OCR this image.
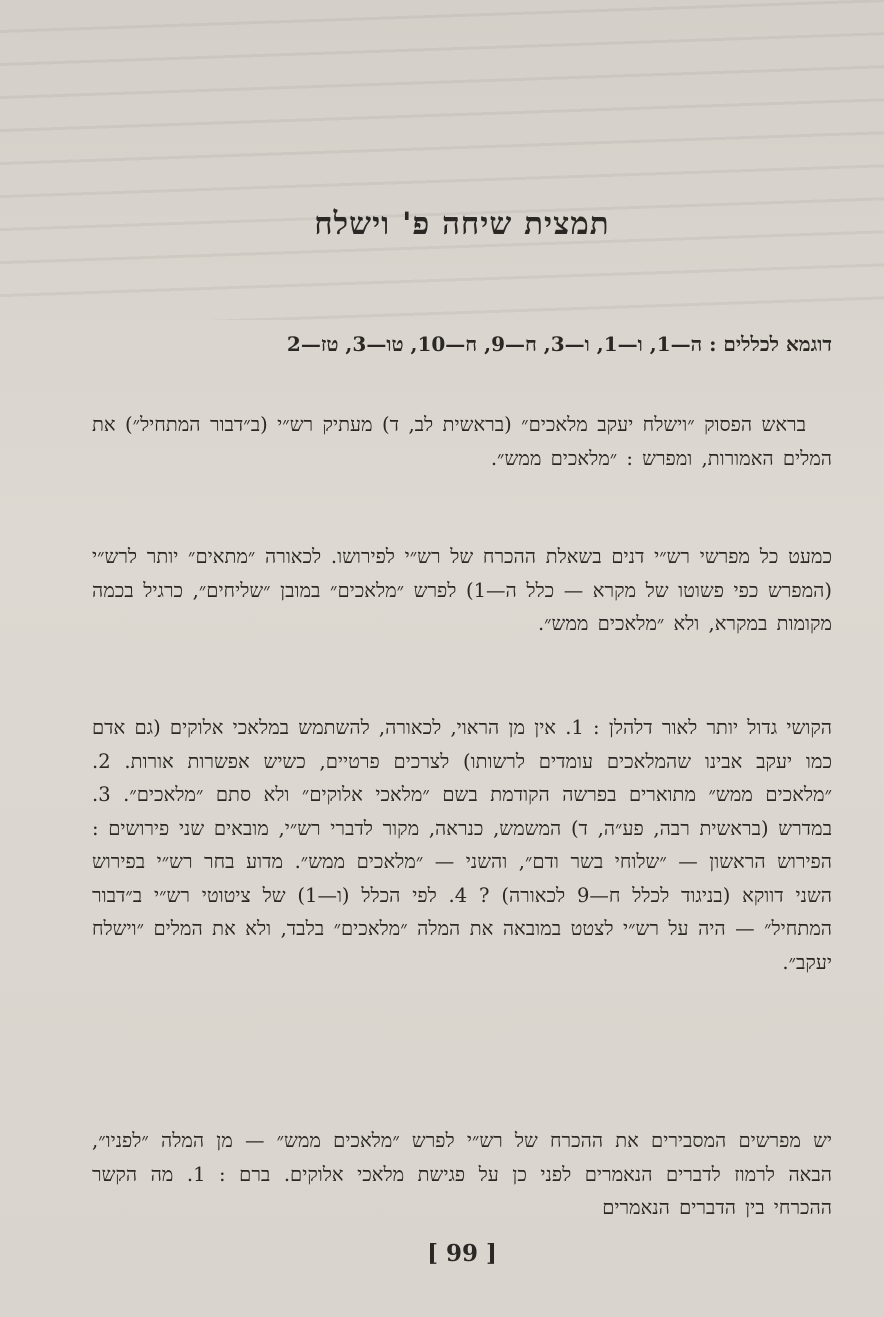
תמצית שיחה פ' וישלח

דוגמא לכללים : ה—1, ו—1, ו—3, ח—9, ח—10, טו—3, טז—2

בראש הפסוק ״וישלח יעקב מלאכים״ (בראשית לב, ד) מעתיק רש״י (ב״דבור המתחיל״) את המלים האמורות, ומפרש : ״מלאכים ממש״.

כמעט כל מפרשי רש״י דנים בשאלת ההכרח של רש״י לפירושו. לכאורה ״מתאים״ יותר לרש״י (המפרש כפי פשוטו של מקרא — כלל ה—1) לפרש ״מלאכים״ במובן ״שליחים״, כרגיל בכמה מקומות במקרא, ולא ״מלאכים ממש״.

הקושי גדול יותר לאור דלהלן : 1. אין מן הראוי, לכאורה, להשתמש במלאכי אלוקים (גם אדם כמו יעקב אבינו שהמלאכים עומדים לרשותו) לצרכים פרטיים, כשיש אפשרות אורות. 2. ״מלאכים ממש״ מתוארים בפרשה הקודמת בשם ״מלאכי אלוקים״ ולא סתם ״מלאכים״. 3. במדרש (בראשית רבה, פע״ה, ד) המשמש, כנראה, מקור לדברי רש״י, מובאים שני פירושים : הפירוש הראשון — ״שלוחי בשר ודם״, והשני — ״מלאכים ממש״. מדוע בחר רש״י בפירוש השני דווקא (בניגוד לכלל ח—9 לכאורה) ? 4. לפי הכלל (ו—1) של ציטוטי רש״י ב״דבור המתחיל״ — היה על רש״י לצטט במובאה את המלה ״מלאכים״ בלבד, ולא את המלים ״וישלח יעקב״.

יש מפרשים המסבירים את ההכרח של רש״י לפרש ״מלאכים ממש״ — מן המלה ״לפניו״, הבאה לרמוז לדברים הנאמרים לפני כן על פגישת מלאכי אלוקים. ברם : 1. מה הקשר ההכרחי בין הדברים הנאמרים

[ 99 ]
